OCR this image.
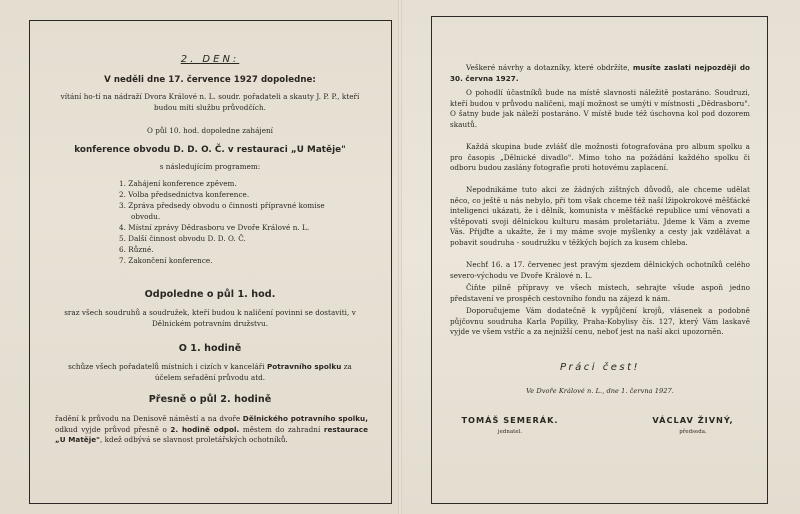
2. DEN:
V neděli dne 17. července 1927 dopoledne:
vítání ho-tí na nádraží Dvora Králové n. L. soudr. pořadateli a skauty J. P. P., kteří budou míti službu průvodčích.
O půl 10. hod. dopoledne zahájení
konference obvodu D. D. O. Č. v restauraci „U Matěje"
s následujícím programem:
1. Zahájení konference zpěvem.
2. Volba předsednictva konference.
3. Zpráva předsedy obvodu o činnosti přípravné komise obvodu.
4. Místní zprávy Dědrasboru ve Dvoře Králové n. L.
5. Další činnost obvodu D. D. O. Č.
6. Různé.
7. Zakončení konference.
Odpoledne o půl 1. hod.
sraz všech soudruhů a soudružek, kteří budou k naličení povinni se dostaviti, v Dělnickém potravním družstvu.
O 1. hodině
schůze všech pořadatelů místních i cizích v kanceláři Potravního spolku za účelem seřadění průvodu atd.
Přesně o půl 2. hodině
řadění k průvodu na Denisově náměstí a na dvoře Dělnického potravního spolku, odkud vyjde průvod přesně o 2. hodině odpol. městem do zahradní restaurace „U Matěje", kdež odbývá se slavnost proletářských ochotníků.
Veškeré návrhy a dotazníky, které obdržíte, musíte zaslati nejpozději do 30. června 1927.
O pohodlí účastníků bude na místě slavnosti náležitě postaráno. Soudruzi, kteří budou v průvodu naličeni, mají možnost se umýti v místnosti „Dědrasboru". O šatny bude jak náleží postaráno. V místě bude též úschovna kol pod dozorem skautů.
Každá skupina bude zvlášť dle možnosti fotografována pro album spolku a pro časopis „Dělnické divadlo". Mimo toho na požádání každého spolku či odboru budou zaslány fotografie proti hotovému zaplacení.
Nepodnikáme tuto akci ze žádných zištných důvodů, ale chceme udělat něco, co ještě u nás nebylo, při tom však chceme též naší lžipokrokové měšťácké inteligenci ukázati, že i dělník, komunista v měšťácké republice umí věnovati a vštěpovati svoji dělnickou kulturu masám proletariátu. Jdeme k Vám a zveme Vás. Přijďte a ukažte, že i my máme svoje myšlenky a cesty jak vzdělávat a pobavit soudruha - soudružku v těžkých bojích za kusem chleba.
Nechť 16. a 17. červenec jest pravým sjezdem dělnických ochotníků celého severo-východu ve Dvoře Králové n. L.
Čiňte pilně přípravy ve všech místech, sehrajte všude aspoň jedno představení ve prospěch cestovního fondu na zájezd k nám.
Doporučujeme Vám dodatečně k vypůjčení krojů, vlásenek a podobně půjčovnu soudruha Karla Popilky, Praha-Kobylisy čís. 127, který Vám laskavě vyjde ve všem vstříc a za nejnižší cenu, neboť jest na naší akci upozorněn.
Práci čest!
Ve Dvoře Králové n. L., dne 1. června 1927.
TOMÁŠ SEMERÁK.
jednatel.
VÁCLAV ŽIVNÝ,
předseda.
